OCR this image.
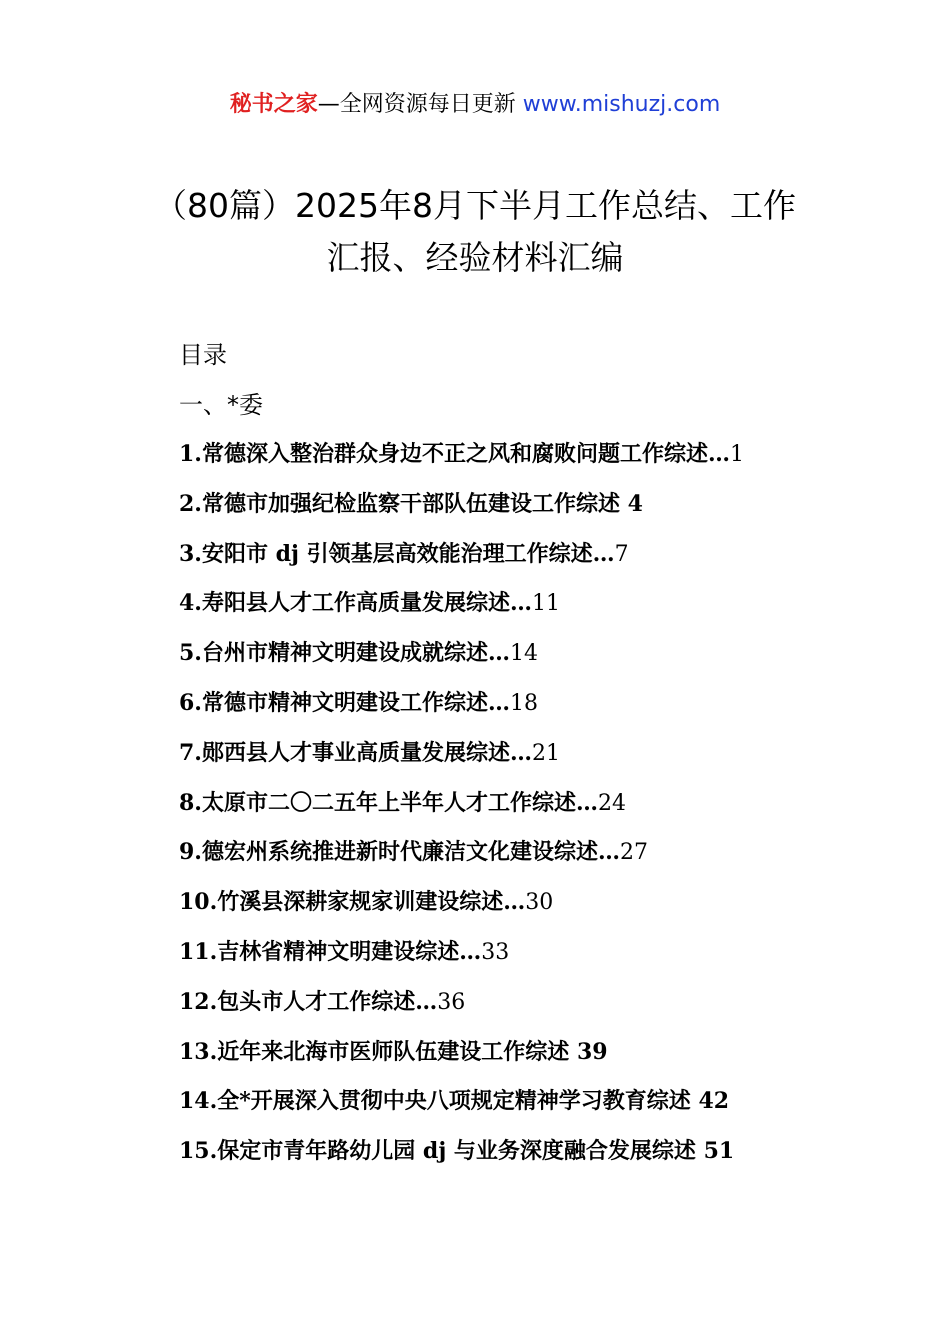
秘书之家—全网资源每日更新 www.mishuzj.com
（80篇）2025年8月下半月工作总结、工作
汇报、经验材料汇编
目录
一、*委
1.常德深入整治群众身边不正之风和腐败问题工作综述…1
2.常德市加强纪检监察干部队伍建设工作综述 4
3.安阳市 dj 引领基层高效能治理工作综述…7
4.寿阳县人才工作高质量发展综述…11
5.台州市精神文明建设成就综述…14
6.常德市精神文明建设工作综述…18
7.郧西县人才事业高质量发展综述…21
8.太原市二〇二五年上半年人才工作综述…24
9.德宏州系统推进新时代廉洁文化建设综述…27
10.竹溪县深耕家规家训建设综述…30
11.吉林省精神文明建设综述…33
12.包头市人才工作综述…36
13.近年来北海市医师队伍建设工作综述 39
14.全*开展深入贯彻中央八项规定精神学习教育综述 42
15.保定市青年路幼儿园 dj 与业务深度融合发展综述 51
